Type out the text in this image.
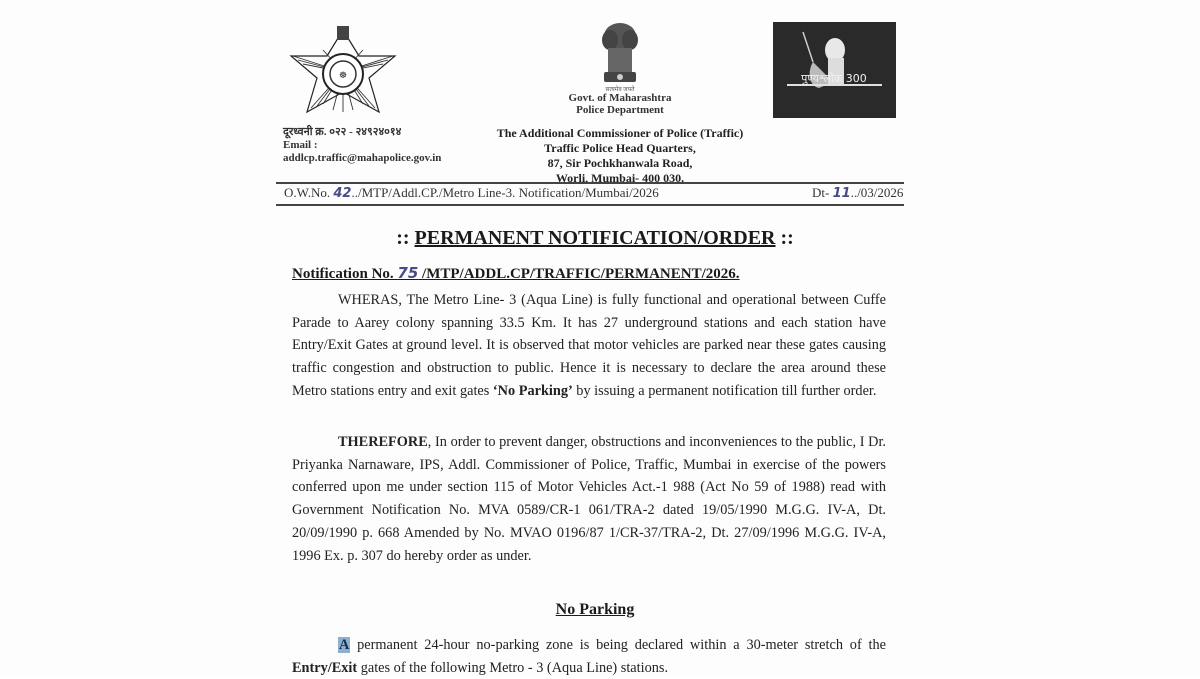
☸
सत्यमेव जयते
पुण्यश्लोक 300
Govt. of Maharashtra
Police Department
दूरध्वनी क्र. ०२२ - २४९२४०१४
Email :
addlcp.traffic@mahapolice.gov.in
The Additional Commissioner of Police (Traffic)
Traffic Police Head Quarters,
87, Sir Pochkhanwala Road,
Worli, Mumbai- 400 030.
O.W.No. 42../MTP/Addl.CP./Metro Line-3. Notification/Mumbai/2026	Dt- 11../03/2026
:: PERMANENT NOTIFICATION/ORDER ::
Notification No. 75 /MTP/ADDL.CP/TRAFFIC/PERMANENT/2026.
WHERAS, The Metro Line- 3 (Aqua Line) is fully functional and operational between Cuffe Parade to Aarey colony spanning 33.5 Km. It has 27 underground stations and each station have Entry/Exit Gates at ground level. It is observed that motor vehicles are parked near these gates causing traffic congestion and obstruction to public. Hence it is necessary to declare the area around these Metro stations entry and exit gates ‘No Parking’ by issuing a permanent notification till further order.
THEREFORE, In order to prevent danger, obstructions and inconveniences to the public, I Dr. Priyanka Narnaware, IPS, Addl. Commissioner of Police, Traffic, Mumbai in exercise of the powers conferred upon me under section 115 of Motor Vehicles Act.-1 988 (Act No 59 of 1988) read with Government Notification No. MVA 0589/CR-1 061/TRA-2 dated 19/05/1990 M.G.G. IV-A, Dt. 20/09/1990 p. 668 Amended by No. MVAO 0196/87 1/CR-37/TRA-2, Dt. 27/09/1996 M.G.G. IV-A, 1996 Ex. p. 307 do hereby order as under.
No Parking
A permanent 24-hour no-parking zone is being declared within a 30-meter stretch of the Entry/Exit gates of the following Metro - 3 (Aqua Line) stations.
